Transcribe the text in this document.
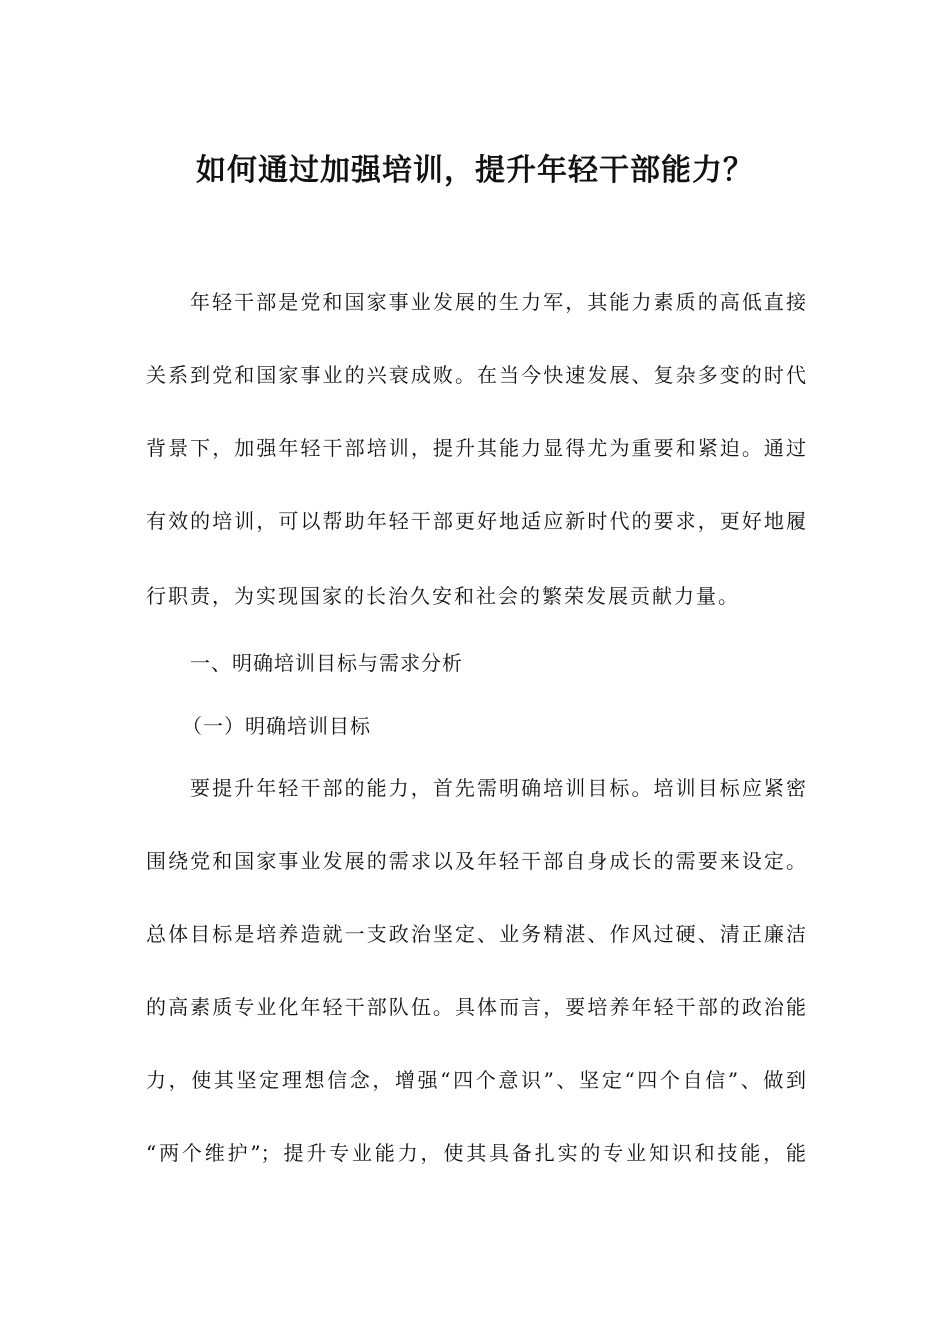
如何通过加强培训，提升年轻干部能力？

年轻干部是党和国家事业发展的生力军，其能力素质的高低直接

关系到党和国家事业的兴衰成败。在当今快速发展、复杂多变的时代

背景下，加强年轻干部培训，提升其能力显得尤为重要和紧迫。通过

有效的培训，可以帮助年轻干部更好地适应新时代的要求，更好地履

行职责，为实现国家的长治久安和社会的繁荣发展贡献力量。

一、明确培训目标与需求分析

（一）明确培训目标

要提升年轻干部的能力，首先需明确培训目标。培训目标应紧密

围绕党和国家事业发展的需求以及年轻干部自身成长的需要来设定。

总体目标是培养造就一支政治坚定、业务精湛、作风过硬、清正廉洁

的高素质专业化年轻干部队伍。具体而言，要培养年轻干部的政治能

力，使其坚定理想信念，增强“四个意识”、坚定“四个自信”、做到

“两个维护”；提升专业能力，使其具备扎实的专业知识和技能，能
